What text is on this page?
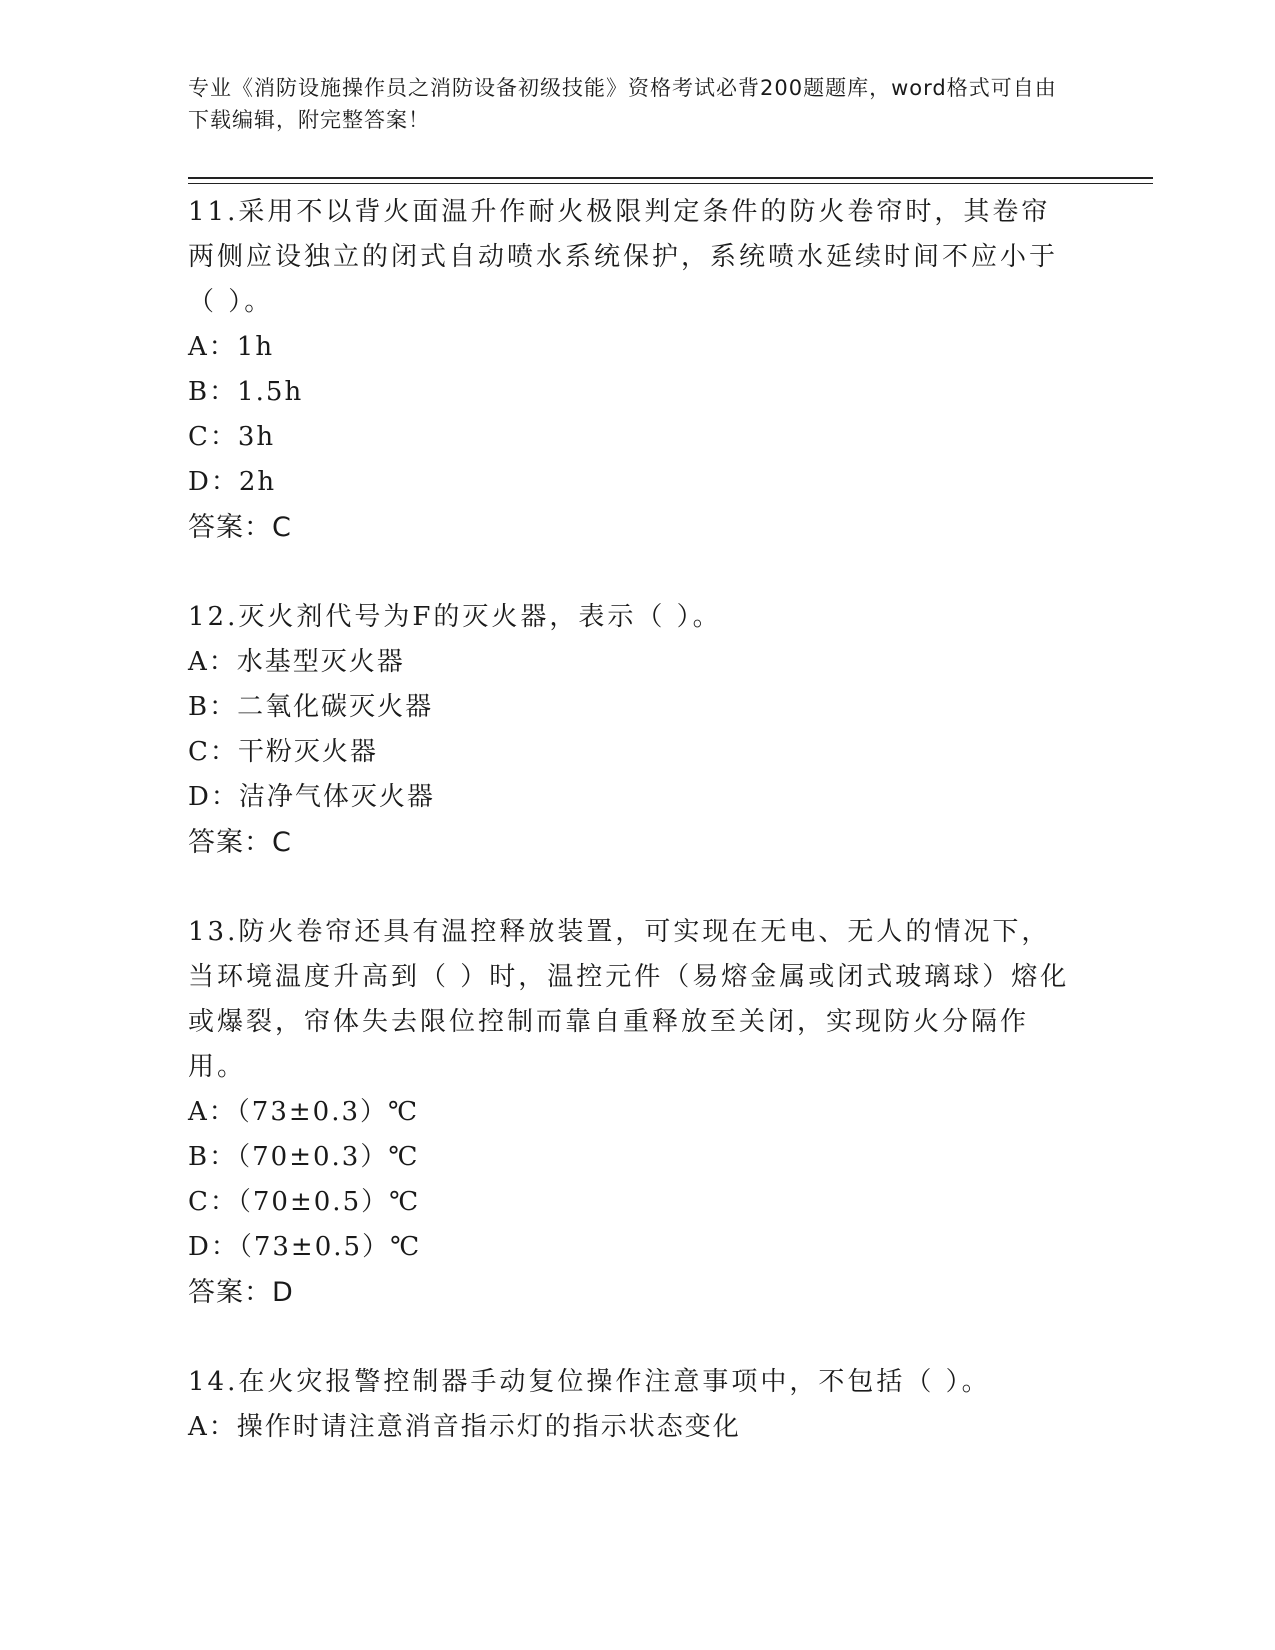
专业《消防设施操作员之消防设备初级技能》资格考试必背200题题库，word格式可自由下载编辑，附完整答案！

11.采用不以背火面温升作耐火极限判定条件的防火卷帘时，其卷帘两侧应设独立的闭式自动喷水系统保护，系统喷水延续时间不应小于（ ）。

A：1h

B：1.5h

C：3h

D：2h

答案：C

12.灭火剂代号为F的灭火器，表示（ ）。

A：水基型灭火器

B：二氧化碳灭火器

C：干粉灭火器

D：洁净气体灭火器

答案：C

13.防火卷帘还具有温控释放装置，可实现在无电、无人的情况下，当环境温度升高到（ ）时，温控元件（易熔金属或闭式玻璃球）熔化或爆裂，帘体失去限位控制而靠自重释放至关闭，实现防火分隔作用。

A：（73±0.3）℃

B：（70±0.3）℃

C：（70±0.5）℃

D：（73±0.5）℃

答案：D

14.在火灾报警控制器手动复位操作注意事项中，不包括（ ）。

A：操作时请注意消音指示灯的指示状态变化
